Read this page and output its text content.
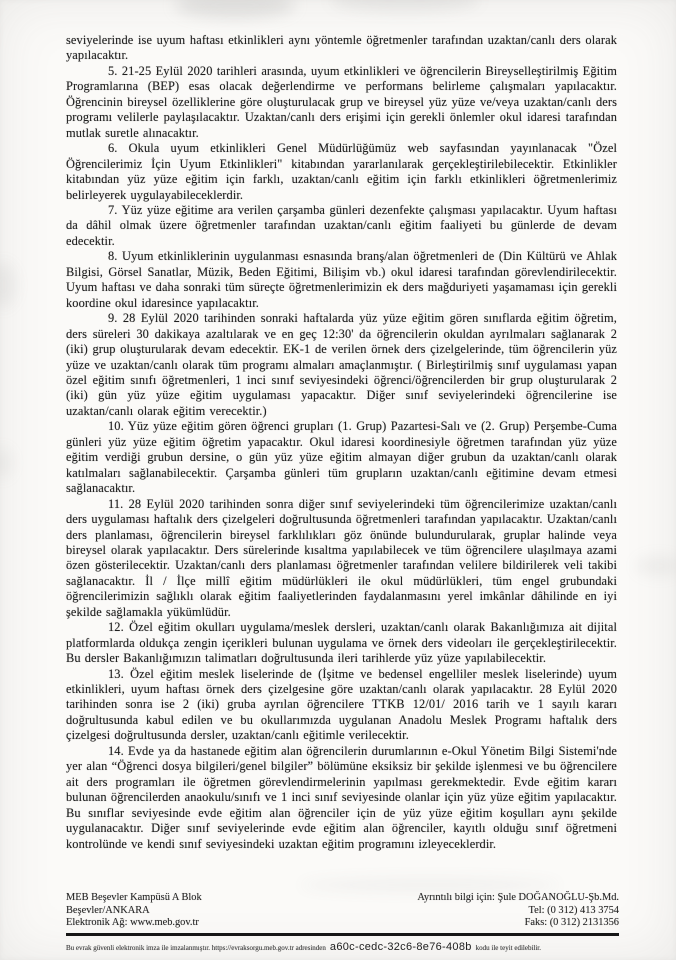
seviyelerinde ise uyum haftası etkinlikleri aynı yöntemle öğretmenler tarafından uzaktan/canlı ders olarak yapılacaktır.

5. 21-25 Eylül 2020 tarihleri arasında, uyum etkinlikleri ve öğrencilerin Bireyselleştirilmiş Eğitim Programlarına (BEP) esas olacak değerlendirme ve performans belirleme çalışmaları yapılacaktır. Öğrencinin bireysel özelliklerine göre oluşturulacak grup ve bireysel yüz yüze ve/veya uzaktan/canlı ders programı velilerle paylaşılacaktır. Uzaktan/canlı ders erişimi için gerekli önlemler okul idaresi tarafından mutlak suretle alınacaktır.

6. Okula uyum etkinlikleri Genel Müdürlüğümüz web sayfasından yayınlanacak "Özel Öğrencilerimiz İçin Uyum Etkinlikleri" kitabından yararlanılarak gerçekleştirilebilecektir. Etkinlikler kitabından yüz yüze eğitim için farklı, uzaktan/canlı eğitim için farklı etkinlikleri öğretmenlerimiz belirleyerek uygulayabileceklerdir.

7. Yüz yüze eğitime ara verilen çarşamba günleri dezenfekte çalışması yapılacaktır. Uyum haftası da dâhil olmak üzere öğretmenler tarafından uzaktan/canlı eğitim faaliyeti bu günlerde de devam edecektir.

8. Uyum etkinliklerinin uygulanması esnasında branş/alan öğretmenleri de (Din Kültürü ve Ahlak Bilgisi, Görsel Sanatlar, Müzik, Beden Eğitimi, Bilişim vb.) okul idaresi tarafından görevlendirilecektir. Uyum haftası ve daha sonraki tüm süreçte öğretmenlerimizin ek ders mağduriyeti yaşamaması için gerekli koordine okul idaresince yapılacaktır.

9. 28 Eylül 2020 tarihinden sonraki haftalarda yüz yüze eğitim gören sınıflarda eğitim öğretim, ders süreleri 30 dakikaya azaltılarak ve en geç 12:30' da öğrencilerin okuldan ayrılmaları sağlanarak 2 (iki) grup oluşturularak devam edecektir. EK-1 de verilen örnek ders çizelgelerinde, tüm öğrencilerin yüz yüze ve uzaktan/canlı olarak tüm programı almaları amaçlanmıştır. ( Birleştirilmiş sınıf uygulaması yapan özel eğitim sınıfı öğretmenleri, 1 inci sınıf seviyesindeki öğrenci/öğrencilerden bir grup oluşturularak 2 (iki) gün yüz yüze eğitim uygulaması yapacaktır. Diğer sınıf seviyelerindeki öğrencilerine ise uzaktan/canlı olarak eğitim verecektir.)

10. Yüz yüze eğitim gören öğrenci grupları (1. Grup) Pazartesi-Salı ve (2. Grup) Perşembe-Cuma günleri yüz yüze eğitim öğretim yapacaktır. Okul idaresi koordinesiyle öğretmen tarafından yüz yüze eğitim verdiği grubun dersine, o gün yüz yüze eğitim almayan diğer grubun da uzaktan/canlı olarak katılmaları sağlanabilecektir. Çarşamba günleri tüm grupların uzaktan/canlı eğitimine devam etmesi sağlanacaktır.

11. 28 Eylül 2020 tarihinden sonra diğer sınıf seviyelerindeki tüm öğrencilerimize uzaktan/canlı ders uygulaması haftalık ders çizelgeleri doğrultusunda öğretmenleri tarafından yapılacaktır. Uzaktan/canlı ders planlaması, öğrencilerin bireysel farklılıkları göz önünde bulundurularak, gruplar halinde veya bireysel olarak yapılacaktır. Ders sürelerinde kısaltma yapılabilecek ve tüm öğrencilere ulaşılmaya azami özen gösterilecektir. Uzaktan/canlı ders planlaması öğretmenler tarafından velilere bildirilerek veli takibi sağlanacaktır. İl / İlçe millî eğitim müdürlükleri ile okul müdürlükleri, tüm engel grubundaki öğrencilerimizin sağlıklı olarak eğitim faaliyetlerinden faydalanmasını yerel imkânlar dâhilinde en iyi şekilde sağlamakla yükümlüdür.

12. Özel eğitim okulları uygulama/meslek dersleri, uzaktan/canlı olarak Bakanlığımıza ait dijital platformlarda oldukça zengin içerikleri bulunan uygulama ve örnek ders videoları ile gerçekleştirilecektir. Bu dersler Bakanlığımızın talimatları doğrultusunda ileri tarihlerde yüz yüze yapılabilecektir.

13. Özel eğitim meslek liselerinde de (İşitme ve bedensel engelliler meslek liselerinde) uyum etkinlikleri, uyum haftası örnek ders çizelgesine göre uzaktan/canlı olarak yapılacaktır. 28 Eylül 2020 tarihinden sonra ise 2 (iki) gruba ayrılan öğrencilere TTKB 12/01/ 2016 tarih ve 1 sayılı kararı doğrultusunda kabul edilen ve bu okullarımızda uygulanan Anadolu Meslek Programı haftalık ders çizelgesi doğrultusunda dersler, uzaktan/canlı eğitimle verilecektir.

14. Evde ya da hastanede eğitim alan öğrencilerin durumlarının e-Okul Yönetim Bilgi Sistemi'nde yer alan “Öğrenci dosya bilgileri/genel bilgiler” bölümüne eksiksiz bir şekilde işlenmesi ve bu öğrencilere ait ders programları ile öğretmen görevlendirmelerinin yapılması gerekmektedir. Evde eğitim kararı bulunan öğrencilerden anaokulu/sınıfı ve 1 inci sınıf seviyesinde olanlar için yüz yüze eğitim yapılacaktır. Bu sınıflar seviyesinde evde eğitim alan öğrenciler için de yüz yüze eğitim koşulları aynı şekilde uygulanacaktır. Diğer sınıf seviyelerinde evde eğitim alan öğrenciler, kayıtlı olduğu sınıf öğretmeni kontrolünde ve kendi sınıf seviyesindeki uzaktan eğitim programını izleyeceklerdir.

MEB Beşevler Kampüsü A Blok
Beşevler/ANKARA
Elektronik Ağ: www.meb.gov.tr
Ayrıntılı bilgi için: Şule DOĞANOĞLU-Şb.Md.
Tel: (0 312) 413 3754
Faks: (0 312) 2131356
Bu evrak güvenli elektronik imza ile imzalanmıştır. https://evraksorgu.meb.gov.tr adresinden a60c-cedc-32c6-8e76-408b kodu ile teyit edilebilir.
